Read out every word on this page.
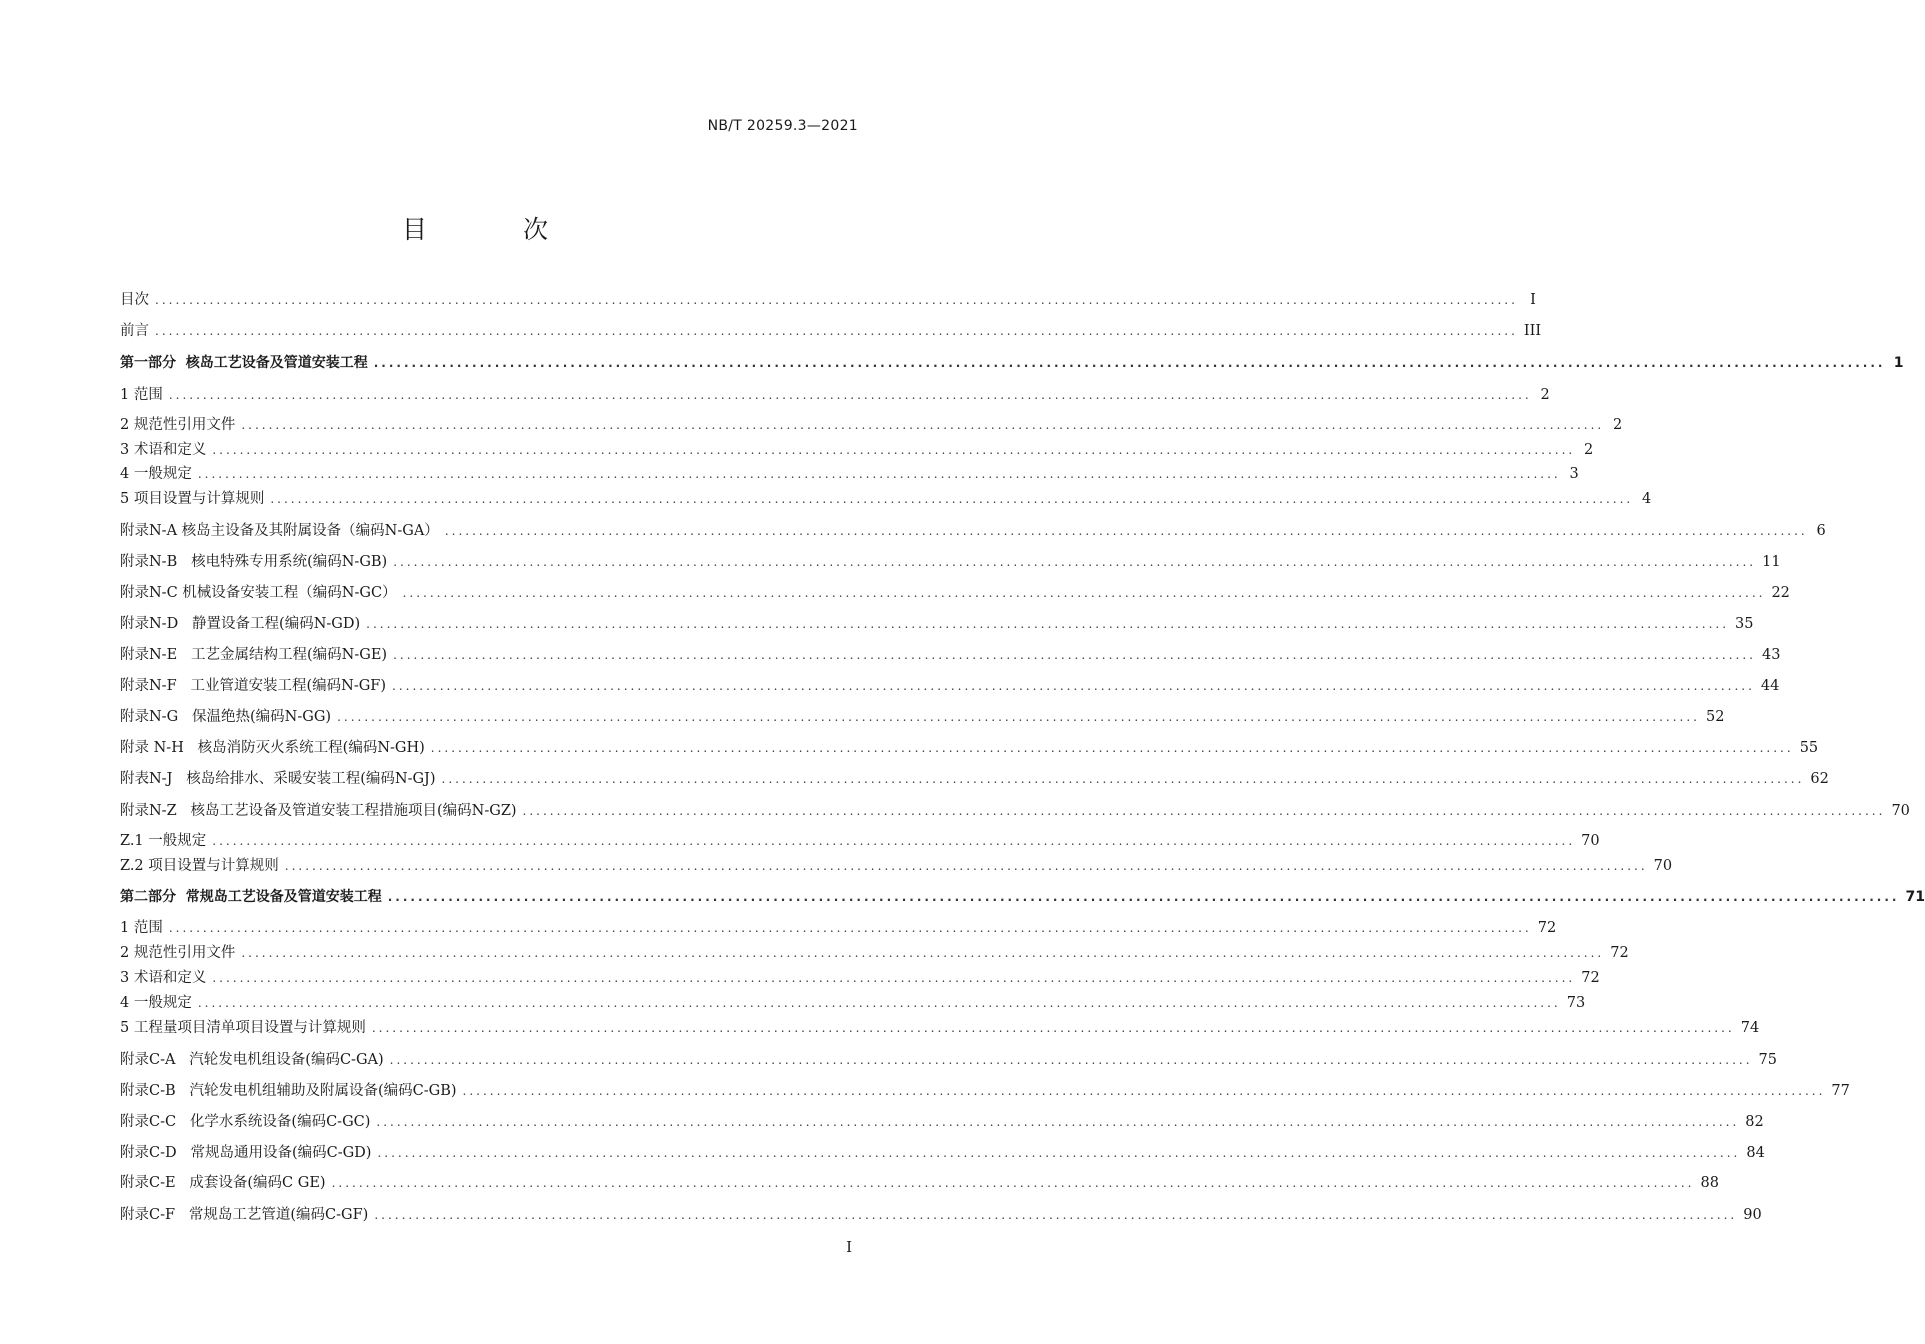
NB/T 20259.3—2021
目 次
目次 ........................................................................................................................................................................................................ I
前言 ........................................................................................................................................................................................................ III
第一部分  核岛工艺设备及管道安装工程 ........................................................................................................................................................................................................ 1
1 范围 ........................................................................................................................................................................................................ 2
2 规范性引用文件 ........................................................................................................................................................................................................ 2
3 术语和定义 ........................................................................................................................................................................................................ 2
4 一般规定 ........................................................................................................................................................................................................ 3
5 项目设置与计算规则 ........................................................................................................................................................................................................ 4
附录N-A 核岛主设备及其附属设备（编码N-GA） ........................................................................................................................................................................................................ 6
附录N-B   核电特殊专用系统(编码N-GB) ........................................................................................................................................................................................................ 11
附录N-C 机械设备安装工程（编码N-GC） ........................................................................................................................................................................................................ 22
附录N-D   静置设备工程(编码N-GD) ........................................................................................................................................................................................................ 35
附录N-E   工艺金属结构工程(编码N-GE) ........................................................................................................................................................................................................ 43
附录N-F   工业管道安装工程(编码N-GF) ........................................................................................................................................................................................................ 44
附录N-G   保温绝热(编码N-GG) ........................................................................................................................................................................................................ 52
附录 N-H   核岛消防灭火系统工程(编码N-GH) ........................................................................................................................................................................................................ 55
附表N-J   核岛给排水、采暖安装工程(编码N-GJ) ........................................................................................................................................................................................................ 62
附录N-Z   核岛工艺设备及管道安装工程措施项目(编码N-GZ) ........................................................................................................................................................................................................ 70
Z.1 一般规定 ........................................................................................................................................................................................................ 70
Z.2 项目设置与计算规则 ........................................................................................................................................................................................................ 70
第二部分  常规岛工艺设备及管道安装工程 ........................................................................................................................................................................................................ 71
1 范围 ........................................................................................................................................................................................................ 72
2 规范性引用文件 ........................................................................................................................................................................................................ 72
3 术语和定义 ........................................................................................................................................................................................................ 72
4 一般规定 ........................................................................................................................................................................................................ 73
5 工程量项目清单项目设置与计算规则 ........................................................................................................................................................................................................ 74
附录C-A   汽轮发电机组设备(编码C-GA) ........................................................................................................................................................................................................ 75
附录C-B   汽轮发电机组辅助及附属设备(编码C-GB) ........................................................................................................................................................................................................ 77
附录C-C   化学水系统设备(编码C-GC) ........................................................................................................................................................................................................ 82
附录C-D   常规岛通用设备(编码C-GD) ........................................................................................................................................................................................................ 84
附录C-E   成套设备(编码C GE) ........................................................................................................................................................................................................ 88
附录C-F   常规岛工艺管道(编码C-GF) ........................................................................................................................................................................................................ 90
I
